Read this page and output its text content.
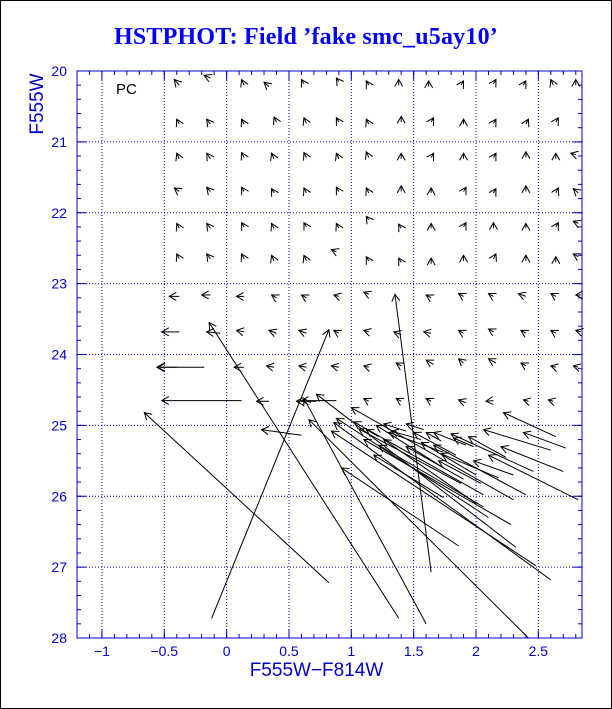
HSTPHOT: Field ’fake smc_u5ay10’
−1	−0.5	0	0.5	1	1.5	2	2.5
20
21
22
23
24
25
26
27
28
PC
F555W−F814W
F555W
